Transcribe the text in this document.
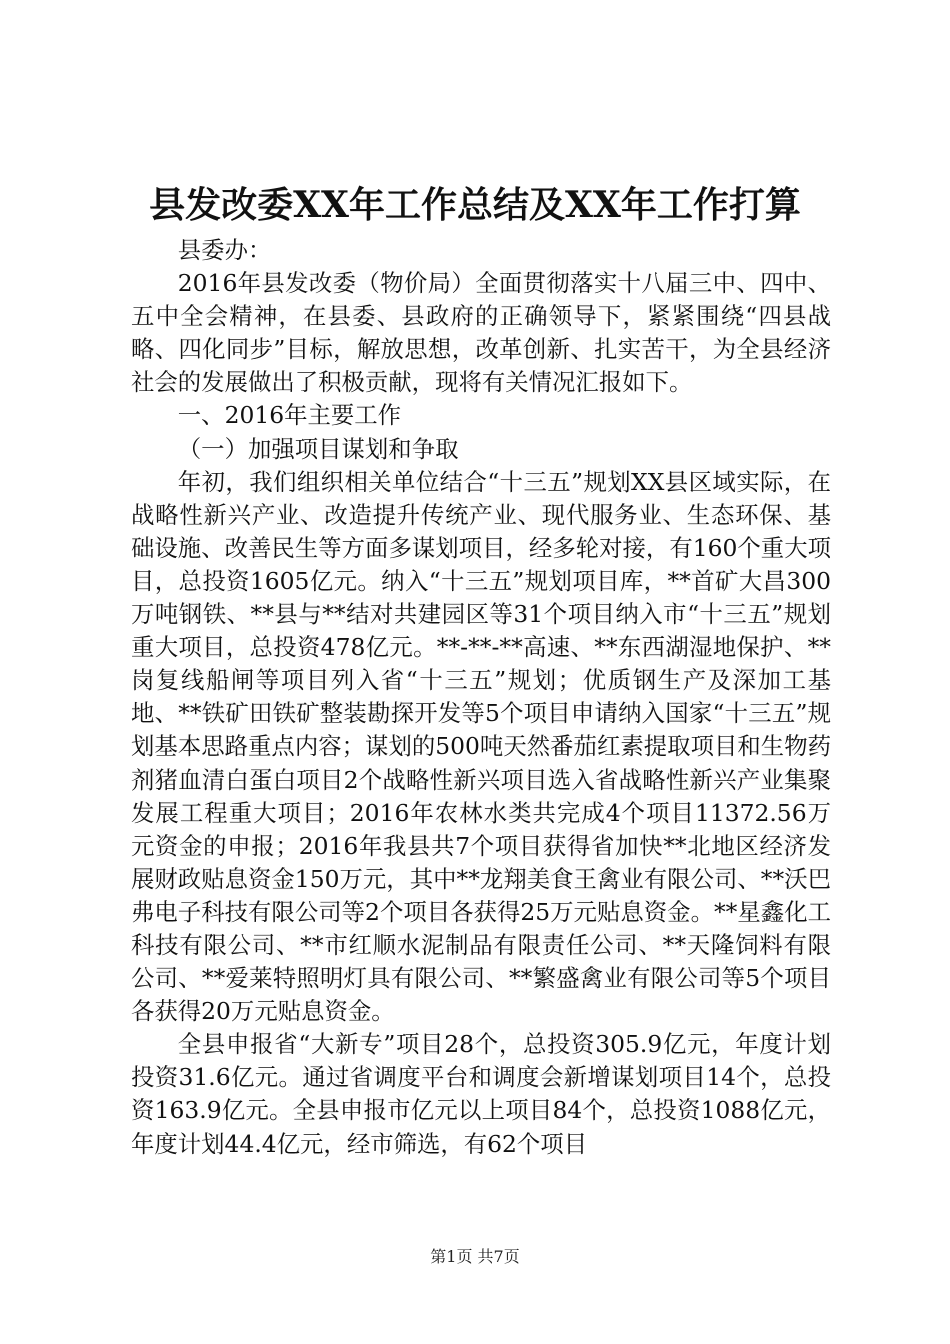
县发改委XX年工作总结及XX年工作打算

县委办：

2016年县发改委（物价局）全面贯彻落实十八届三中、四中、五中全会精神，在县委、县政府的正确领导下，紧紧围绕“四县战略、四化同步”目标，解放思想，改革创新、扎实苦干，为全县经济社会的发展做出了积极贡献，现将有关情况汇报如下。

一、2016年主要工作

（一）加强项目谋划和争取

年初，我们组织相关单位结合“十三五”规划XX县区域实际，在战略性新兴产业、改造提升传统产业、现代服务业、生态环保、基础设施、改善民生等方面多谋划项目，经多轮对接，有160个重大项目，总投资1605亿元。纳入“十三五”规划项目库，**首矿大昌300万吨钢铁、**县与**结对共建园区等31个项目纳入市“十三五”规划重大项目，总投资478亿元。**-**-**高速、**东西湖湿地保护、**岗复线船闸等项目列入省“十三五”规划；优质钢生产及深加工基地、**铁矿田铁矿整装勘探开发等5个项目申请纳入国家“十三五”规划基本思路重点内容；谋划的500吨天然番茄红素提取项目和生物药剂猪血清白蛋白项目2个战略性新兴项目选入省战略性新兴产业集聚发展工程重大项目；2016年农林水类共完成4个项目11372.56万元资金的申报；2016年我县共7个项目获得省加快**北地区经济发展财政贴息资金150万元，其中**龙翔美食王禽业有限公司、**沃巴弗电子科技有限公司等2个项目各获得25万元贴息资金。**星鑫化工科技有限公司、**市红顺水泥制品有限责任公司、**天隆饲料有限公司、**爱莱特照明灯具有限公司、**繁盛禽业有限公司等5个项目各获得20万元贴息资金。

全县申报省“大新专”项目28个，总投资305.9亿元，年度计划投资31.6亿元。通过省调度平台和调度会新增谋划项目14个，总投资163.9亿元。全县申报市亿元以上项目84个，总投资1088亿元，年度计划44.4亿元，经市筛选，有62个项目

第1页 共7页
